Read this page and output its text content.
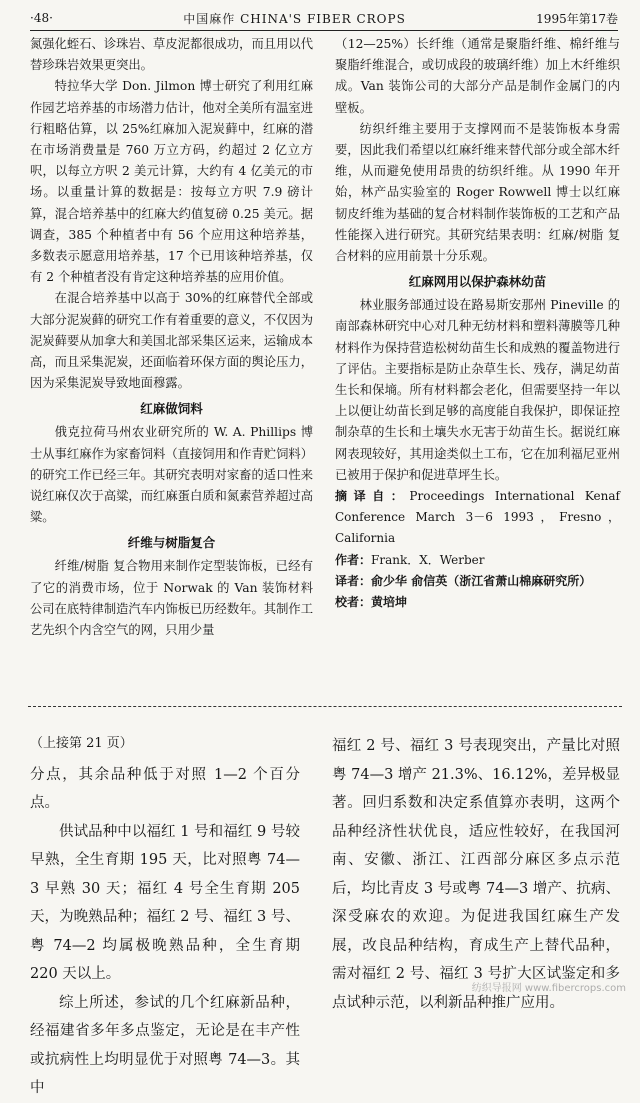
·48·	中国麻作 CHINA'S FIBER CROPS	1995年第17卷

氮强化蛭石、诊珠岩、草皮泥都很成功，而且用以代替珍珠岩效果更突出。

特拉华大学 Don. Jilmon 博士研究了利用红麻作园艺培养基的市场潜力估计，他对全美所有温室进行粗略估算，以 25%红麻加入泥炭藓中，红麻的潜在市场消费量是 760 万立方码，约超过 2 亿立方呎，以每立方呎 2 美元计算，大约有 4 亿美元的市场。以重量计算的数据是：按每立方呎 7.9 磅计算，混合培养基中的红麻大约值复磅 0.25 美元。据调查，385 个种植者中有 56 个应用这种培养基，多数表示愿意用培养基，17 个已用该种培养基，仅有 2 个种植者没有肯定这种培养基的应用价值。

在混合培养基中以高于 30%的红麻替代全部或大部分泥炭藓的研究工作有着重要的意义，不仅因为泥炭藓要从加拿大和美国北部采集区运来，运输成本高，而且采集泥炭，还面临着环保方面的舆论压力，因为采集泥炭导致地面穆露。

红麻做饲料

俄克拉荷马州农业研究所的 W. A. Phillips 博士从事红麻作为家畜饲料（直接饲用和作青贮饲料）的研究工作已经三年。其研究表明对家畜的适口性来说红麻仅次于高粱，而红麻蛋白质和氮素营养超过高粱。

纤维与树脂复合

纤维/树脂 复合物用来制作定型装饰板，已经有了它的消费市场，位于 Norwak 的 Van 装饰材料公司在底特律制造汽车内饰板已历经数年。其制作工艺先织个内含空气的网，只用少量

（12—25%）长纤维（通常是聚脂纤维、棉纤维与聚脂纤维混合，或切成段的玻璃纤维）加上木纤维织成。Van 装饰公司的大部分产品是制作金属门的内壁板。

纺织纤维主要用于支撑网而不是装饰板本身需要，因此我们希望以红麻纤维来替代部分或全部木纤维，从而避免使用昂贵的纺织纤维。从 1990 年开始，林产品实验室的 Roger Rowwell 博士以红麻韧皮纤维为基础的复合材料制作装饰板的工艺和产品性能探入进行研究。其研究结果表明：红麻/树脂 复合材料的应用前景十分乐观。

红麻网用以保护森林幼苗

林业服务部通过设在路易斯安那州 Pineville 的南部森林研究中心对几种无纺材料和塑料薄膜等几种材料作为保持营造松树幼苗生长和成熟的覆盖物进行了评估。主要指标是防止杂草生长、残存，满足幼苗生长和保墒。所有材料都会老化，但需要坚持一年以上以便让幼苗长到足够的高度能自我保护，即保证控制杂草的生长和土壤失水无害于幼苗生长。据说红麻网表现较好，其用途类似土工布，它在加利福尼亚州已被用于保护和促进草坪生长。

摘译自：Proceedings International Kenaf Conference March 3－6 1993，Fresno，California

作者：Frank．X．Werber

译者：俞少华 俞信英（浙江省萧山棉麻研究所）

校者：黄培坤

（上接第 21 页）

分点，其余品种低于对照 1—2 个百分点。

供试品种中以福红 1 号和福红 9 号较早熟，全生育期 195 天，比对照粤 74—3 早熟 30 天；福红 4 号全生育期 205 天，为晚熟品种；福红 2 号、福红 3 号、粤 74—2 均属极晚熟品种，全生育期 220 天以上。

综上所述，参试的几个红麻新品种，经福建省多年多点鉴定，无论是在丰产性或抗病性上均明显优于对照粤 74—3。其中

福红 2 号、福红 3 号表现突出，产量比对照粤 74—3 增产 21.3%、16.12%，差异极显著。回归系数和决定系值算亦表明，这两个品种经济性状优良，适应性较好，在我国河南、安徽、浙江、江西部分麻区多点示范后，均比青皮 3 号或粤 74—3 增产、抗病、深受麻农的欢迎。为促进我国红麻生产发展，改良品种结构，育成生产上替代品种，需对福红 2 号、福红 3 号扩大区试鉴定和多点试种示范，以利新品种推广应用。

纺织导报网 www.fibercrops.com
